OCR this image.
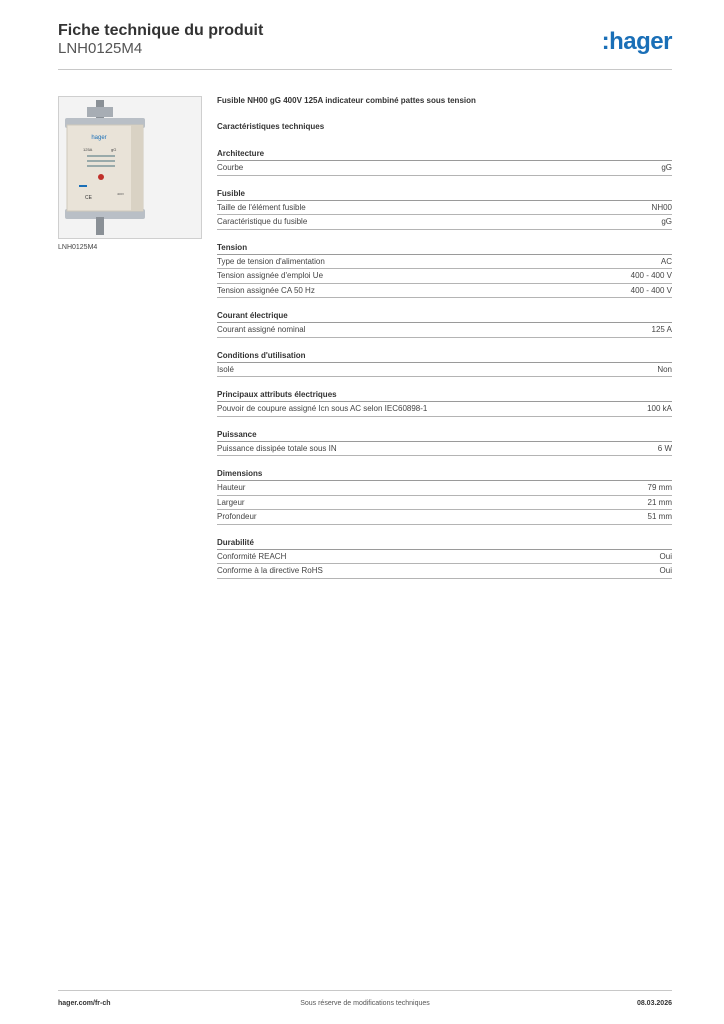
Fiche technique du produit
LNH0125M4	:hager
hager
125A	gG
CE
400V
LNH0125M4
Fusible NH00 gG 400V 125A indicateur combiné pattes sous tension
Caractéristiques techniques
Architecture
Courbe	gG
Fusible
Taille de l'élément fusible	NH00
Caractéristique du fusible	gG
Tension
Type de tension d'alimentation	AC
Tension assignée d'emploi Ue	400 - 400 V
Tension assignée CA 50 Hz	400 - 400 V
Courant électrique
Courant assigné nominal	125 A
Conditions d'utilisation
Isolé	Non
Principaux attributs électriques
Pouvoir de coupure assigné Icn sous AC selon IEC60898-1	100 kA
Puissance
Puissance dissipée totale sous IN	6 W
Dimensions
Hauteur	79 mm
Largeur	21 mm
Profondeur	51 mm
Durabilité
Conformité REACH	Oui
Conforme à la directive RoHS	Oui
hager.com/fr-ch	Sous réserve de modifications techniques	08.03.2026
